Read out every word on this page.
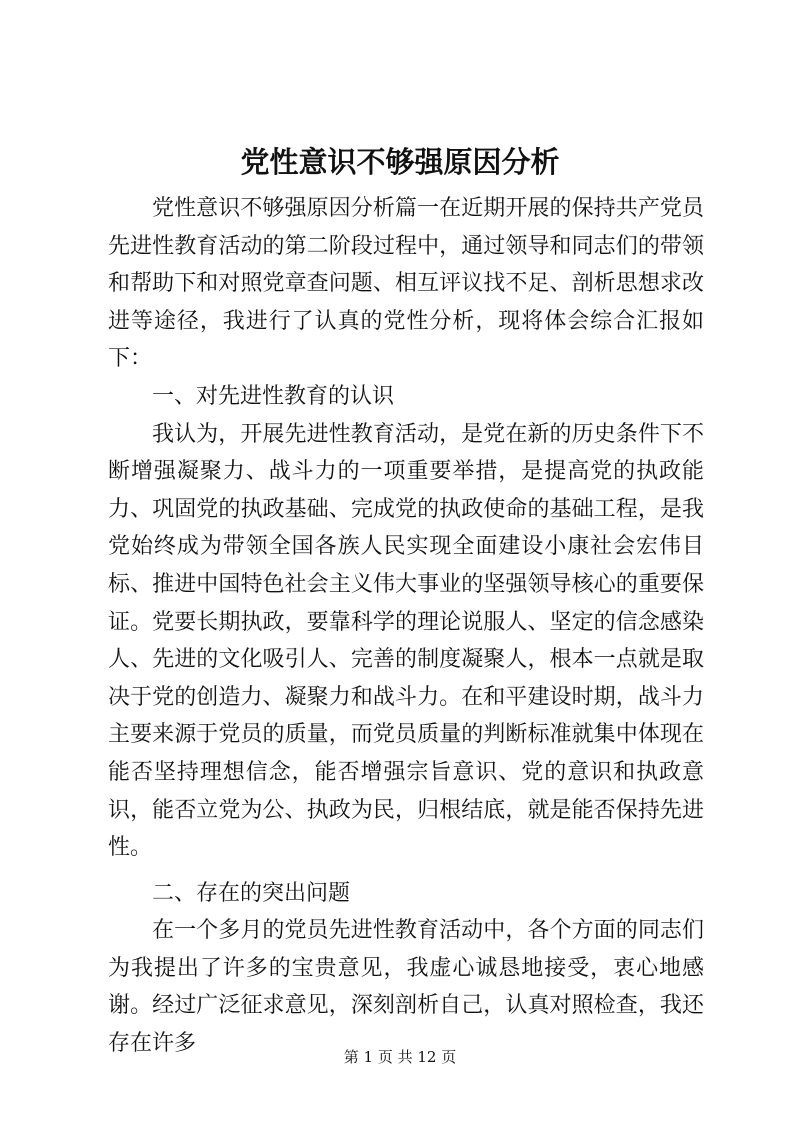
党性意识不够强原因分析

党性意识不够强原因分析篇一在近期开展的保持共产党员先进性教育活动的第二阶段过程中，通过领导和同志们的带领和帮助下和对照党章查问题、相互评议找不足、剖析思想求改进等途径，我进行了认真的党性分析，现将体会综合汇报如下：

一、对先进性教育的认识

我认为，开展先进性教育活动，是党在新的历史条件下不断增强凝聚力、战斗力的一项重要举措，是提高党的执政能力、巩固党的执政基础、完成党的执政使命的基础工程，是我党始终成为带领全国各族人民实现全面建设小康社会宏伟目标、推进中国特色社会主义伟大事业的坚强领导核心的重要保证。党要长期执政，要靠科学的理论说服人、坚定的信念感染人、先进的文化吸引人、完善的制度凝聚人，根本一点就是取决于党的创造力、凝聚力和战斗力。在和平建设时期，战斗力主要来源于党员的质量，而党员质量的判断标准就集中体现在能否坚持理想信念，能否增强宗旨意识、党的意识和执政意识，能否立党为公、执政为民，归根结底，就是能否保持先进性。

二、存在的突出问题

在一个多月的党员先进性教育活动中，各个方面的同志们为我提出了许多的宝贵意见，我虚心诚恳地接受，衷心地感谢。经过广泛征求意见，深刻剖析自己，认真对照检查，我还存在许多

第 1 页 共 12 页
